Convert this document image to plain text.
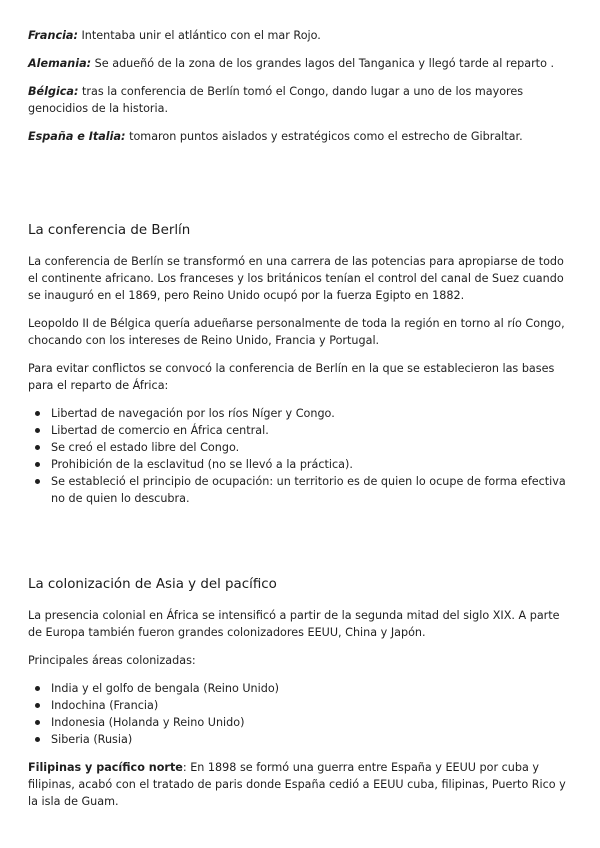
Francia: Intentaba unir el atlántico con el mar Rojo.

Alemania: Se adueñó de la zona de los grandes lagos del Tanganica y llegó tarde al reparto .

Bélgica: tras la conferencia de Berlín tomó el Congo, dando lugar a uno de los mayores genocidios de la historia.

España e Italia: tomaron puntos aislados y estratégicos como el estrecho de Gibraltar.

La conferencia de Berlín

La conferencia de Berlín se transformó en una carrera de las potencias para apropiarse de todo el continente africano. Los franceses y los británicos tenían el control del canal de Suez cuando se inauguró en el 1869, pero Reino Unido ocupó por la fuerza Egipto en 1882.

Leopoldo II de Bélgica quería adueñarse personalmente de toda la región en torno al río Congo, chocando con los intereses de Reino Unido, Francia y Portugal.

Para evitar conflictos se convocó la conferencia de Berlín en la que se establecieron las bases para el reparto de África:

Libertad de navegación por los ríos Níger y Congo.
Libertad de comercio en África central.
Se creó el estado libre del Congo.
Prohibición de la esclavitud (no se llevó a la práctica).
Se estableció el principio de ocupación: un territorio es de quien lo ocupe de forma efectiva no de quien lo descubra.
La colonización de Asia y del pacífico

La presencia colonial en África se intensificó a partir de la segunda mitad del siglo XIX. A parte de Europa también fueron grandes colonizadores EEUU, China y Japón.

Principales áreas colonizadas:

India y el golfo de bengala (Reino Unido)
Indochina (Francia)
Indonesia (Holanda y Reino Unido)
Siberia (Rusia)

Filipinas y pacífico norte: En 1898 se formó una guerra entre España y EEUU por cuba y filipinas, acabó con el tratado de paris donde España cedió a EEUU cuba, filipinas, Puerto Rico y la isla de Guam.
